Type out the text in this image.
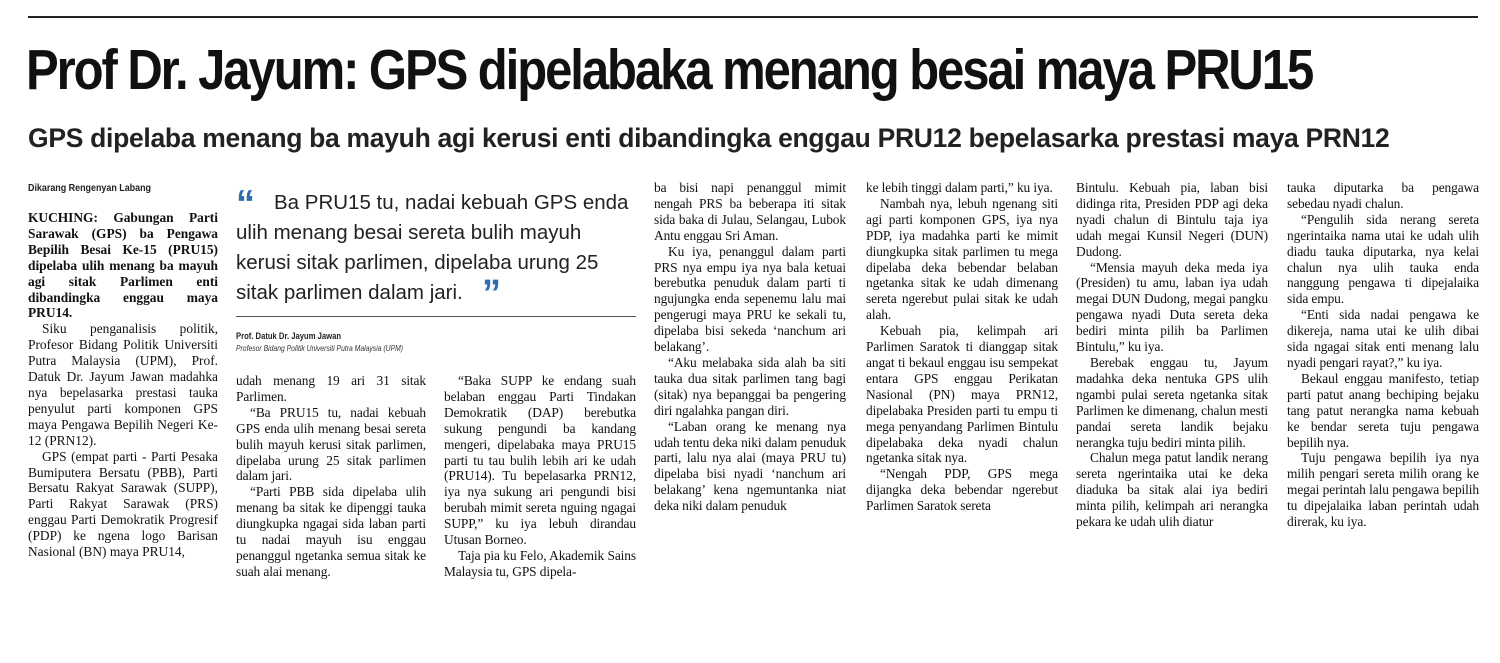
Prof Dr. Jayum: GPS dipelabaka menang besai maya PRU15
GPS dipelaba menang ba mayuh agi kerusi enti dibandingka enggau PRU12 bepelasarka prestasi maya PRN12
Dikarang Rengenyan Labang

KUCHING: Gabungan Parti Sarawak (GPS) ba Pengawa Bepilih Besai Ke-15 (PRU15) dipelaba ulih menang ba mayuh agi sitak Parlimen enti dibandingka enggau maya PRU14.

Siku penganalisis politik, Profesor Bidang Politik Universiti Putra Malaysia (UPM), Prof. Datuk Dr. Jayum Jawan madahka nya bepelasarka prestasi tauka penyulut parti komponen GPS maya Pengawa Bepilih Negeri Ke-12 (PRN12).

GPS (empat parti - Parti Pesaka Bumiputera Bersatu (PBB), Parti Bersatu Rakyat Sarawak (SUPP), Parti Rakyat Sarawak (PRS) enggau Parti Demokratik Progresif (PDP) ke ngena logo Barisan Nasional (BN) maya PRU14,

Ba PRU15 tu, nadai kebuah GPS enda ulih menang besai sereta bulih mayuh kerusi sitak parlimen, dipelaba urung 25 sitak parlimen dalam jari.

“
”
Prof. Datuk Dr. Jayum Jawan
Profesor Bidang Politik Universiti Putra Malaysia (UPM)

udah menang 19 ari 31 sitak Parlimen.

“Ba PRU15 tu, nadai kebuah GPS enda ulih menang besai sereta bulih mayuh kerusi sitak parlimen, dipelaba urung 25 sitak parlimen dalam jari.

“Parti PBB sida dipelaba ulih menang ba sitak ke dipenggi tauka diungkupka ngagai sida laban parti tu nadai mayuh isu enggau penanggul ngetanka semua sitak ke suah alai menang.

“Baka SUPP ke endang suah belaban enggau Parti Tindakan Demokratik (DAP) berebutka sukung pengundi ba kandang mengeri, dipelabaka maya PRU15 parti tu tau bulih lebih ari ke udah (PRU14). Tu bepelasarka PRN12, iya nya sukung ari pengundi bisi berubah mimit sereta nguing ngagai SUPP,” ku iya lebuh dirandau Utusan Borneo.

Taja pia ku Felo, Akademik Sains Malaysia tu, GPS dipela-

ba bisi napi penanggul mimit nengah PRS ba beberapa iti sitak sida baka di Julau, Selangau, Lubok Antu enggau Sri Aman.

Ku iya, penanggul dalam parti PRS nya empu iya nya bala ketuai berebutka penuduk dalam parti ti ngujungka enda sepenemu lalu mai pengerugi maya PRU ke sekali tu, dipelaba bisi sekeda ‘nanchum ari belakang’.

“Aku melabaka sida alah ba siti tauka dua sitak parlimen tang bagi (sitak) nya bepanggai ba pengering diri ngalahka pangan diri.

“Laban orang ke menang nya udah tentu deka niki dalam penuduk parti, lalu nya alai (maya PRU tu) dipelaba bisi nyadi ‘nanchum ari belakang’ kena ngemuntanka niat deka niki dalam penuduk

ke lebih tinggi dalam parti,” ku iya.

Nambah nya, lebuh ngenang siti agi parti komponen GPS, iya nya PDP, iya madahka parti ke mimit diungkupka sitak parlimen tu mega dipelaba deka bebendar belaban ngetanka sitak ke udah dimenang sereta ngerebut pulai sitak ke udah alah.

Kebuah pia, kelimpah ari Parlimen Saratok ti dianggap sitak angat ti bekaul enggau isu sempekat entara GPS enggau Perikatan Nasional (PN) maya PRN12, dipelabaka Presiden parti tu empu ti mega penyandang Parlimen Bintulu dipelabaka deka nyadi chalun ngetanka sitak nya.

“Nengah PDP, GPS mega dijangka deka bebendar ngerebut Parlimen Saratok sereta

Bintulu. Kebuah pia, laban bisi didinga rita, Presiden PDP agi deka nyadi chalun di Bintulu taja iya udah megai Kunsil Negeri (DUN) Dudong.

“Mensia mayuh deka meda iya (Presiden) tu amu, laban iya udah megai DUN Dudong, megai pangku pengawa nyadi Duta sereta deka bediri minta pilih ba Parlimen Bintulu,” ku iya.

Berebak enggau tu, Jayum madahka deka nentuka GPS ulih ngambi pulai sereta ngetanka sitak Parlimen ke dimenang, chalun mesti pandai sereta landik bejaku nerangka tuju bediri minta pilih.

Chalun mega patut landik nerang sereta ngerintaika utai ke deka diaduka ba sitak alai iya bediri minta pilih, kelimpah ari nerangka pekara ke udah ulih diatur

tauka diputarka ba pengawa sebedau nyadi chalun.

“Pengulih sida nerang sereta ngerintaika nama utai ke udah ulih diadu tauka diputarka, nya kelai chalun nya ulih tauka enda nanggung pengawa ti dipejalaika sida empu.

“Enti sida nadai pengawa ke dikereja, nama utai ke ulih dibai sida ngagai sitak enti menang lalu nyadi pengari rayat?,” ku iya.

Bekaul enggau manifesto, tetiap parti patut anang bechiping bejaku tang patut nerangka nama kebuah ke bendar sereta tuju pengawa bepilih nya.

Tuju pengawa bepilih iya nya milih pengari sereta milih orang ke megai perintah lalu pengawa bepilih tu dipejalaika laban perintah udah direrak, ku iya.
